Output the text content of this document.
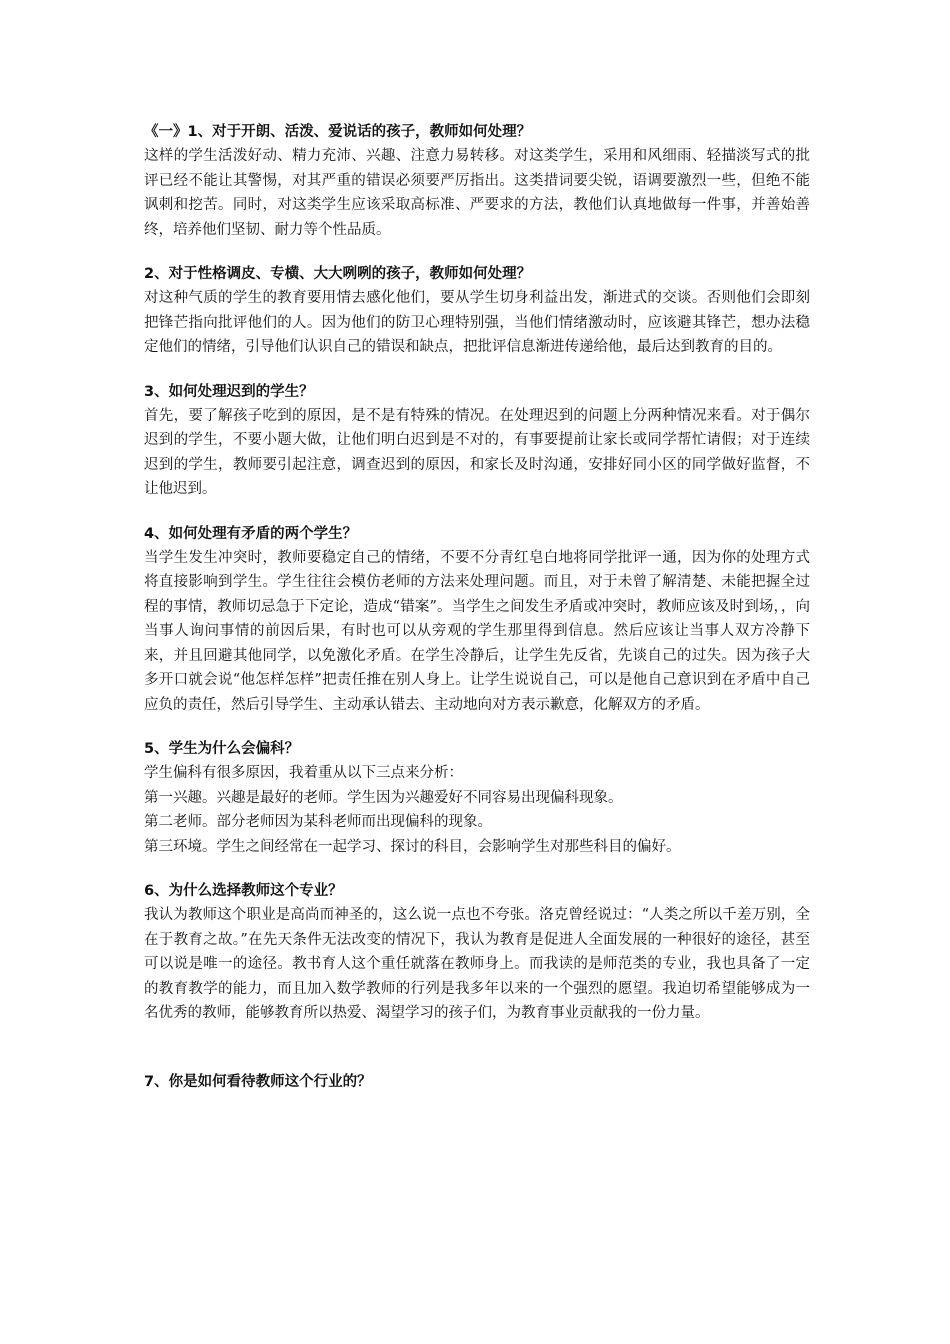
《一》1、对于开朗、活泼、爱说话的孩子，教师如何处理？

这样的学生活泼好动、精力充沛、兴趣、注意力易转移。对这类学生，采用和风细雨、轻描淡写式的批评已经不能让其警惕，对其严重的错误必须要严厉指出。这类措词要尖锐，语调要激烈一些，但绝不能讽刺和挖苦。同时，对这类学生应该采取高标准、严要求的方法，教他们认真地做每一件事，并善始善终，培养他们坚韧、耐力等个性品质。

2、对于性格调皮、专横、大大咧咧的孩子，教师如何处理？

对这种气质的学生的教育要用情去感化他们，要从学生切身利益出发，渐进式的交谈。否则他们会即刻把锋芒指向批评他们的人。因为他们的防卫心理特别强，当他们情绪激动时，应该避其锋芒，想办法稳定他们的情绪，引导他们认识自己的错误和缺点，把批评信息渐进传递给他，最后达到教育的目的。

3、如何处理迟到的学生？

首先，要了解孩子吃到的原因，是不是有特殊的情况。在处理迟到的问题上分两种情况来看。对于偶尔迟到的学生，不要小题大做，让他们明白迟到是不对的，有事要提前让家长或同学帮忙请假；对于连续迟到的学生，教师要引起注意，调查迟到的原因，和家长及时沟通，安排好同小区的同学做好监督，不让他迟到。

4、如何处理有矛盾的两个学生？

当学生发生冲突时，教师要稳定自己的情绪，不要不分青红皂白地将同学批评一通，因为你的处理方式将直接影响到学生。学生往往会模仿老师的方法来处理问题。而且，对于未曾了解清楚、未能把握全过程的事情，教师切忌急于下定论，造成“错案”。当学生之间发生矛盾或冲突时，教师应该及时到场，，向当事人询问事情的前因后果，有时也可以从旁观的学生那里得到信息。然后应该让当事人双方冷静下来，并且回避其他同学，以免激化矛盾。在学生冷静后，让学生先反省，先谈自己的过失。因为孩子大多开口就会说“他怎样怎样”把责任推在别人身上。让学生说说自己，可以是他自己意识到在矛盾中自己应负的责任，然后引导学生、主动承认错去、主动地向对方表示歉意，化解双方的矛盾。

5、学生为什么会偏科？

学生偏科有很多原因，我着重从以下三点来分析：

第一兴趣。兴趣是最好的老师。学生因为兴趣爱好不同容易出现偏科现象。

第二老师。部分老师因为某科老师而出现偏科的现象。

第三环境。学生之间经常在一起学习、探讨的科目，会影响学生对那些科目的偏好。

6、为什么选择教师这个专业？

我认为教师这个职业是高尚而神圣的，这么说一点也不夸张。洛克曾经说过：“人类之所以千差万别，全在于教育之故。”在先天条件无法改变的情况下，我认为教育是促进人全面发展的一种很好的途径，甚至可以说是唯一的途径。教书育人这个重任就落在教师身上。而我读的是师范类的专业，我也具备了一定的教育教学的能力，而且加入数学教师的行列是我多年以来的一个强烈的愿望。我迫切希望能够成为一名优秀的教师，能够教育所以热爱、渴望学习的孩子们，为教育事业贡献我的一份力量。

7、你是如何看待教师这个行业的？
